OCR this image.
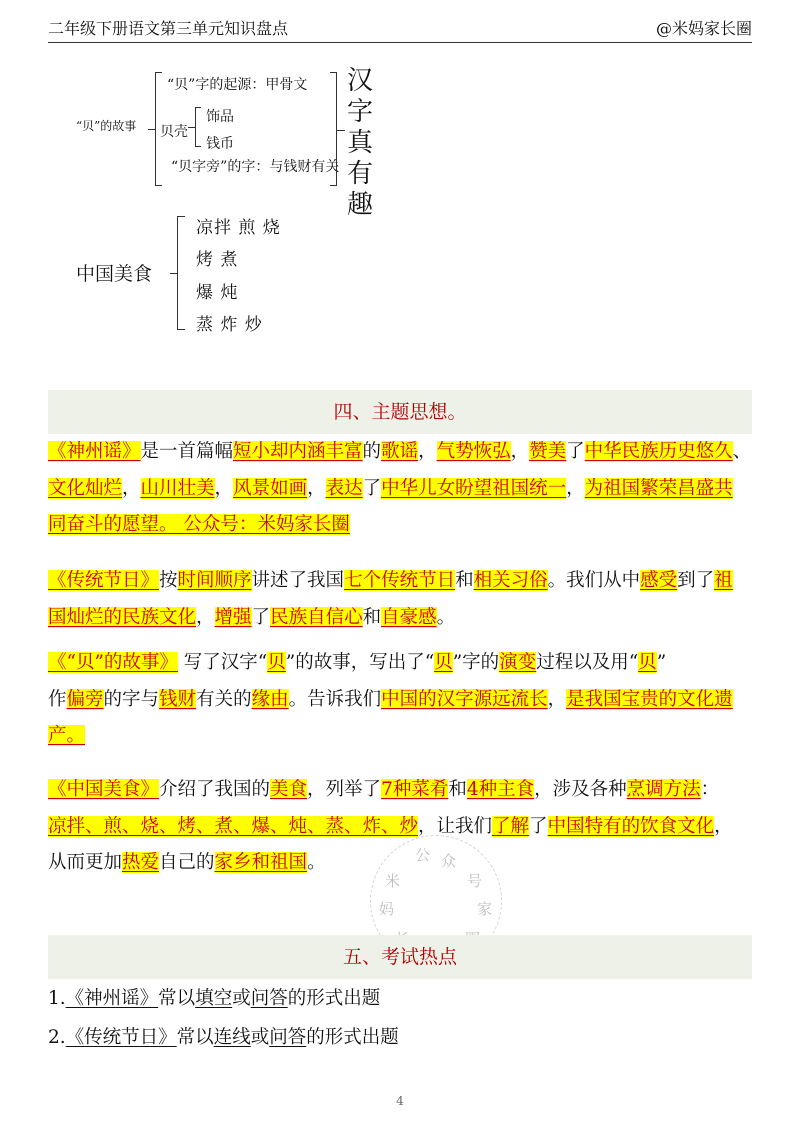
二年级下册语文第三单元知识盘点	@米妈家长圈
“贝”的故事
“贝”字的起源：甲骨文
贝壳
饰品
钱币
“贝字旁”的字：与钱财有关
汉
字
真
有
趣
中国美食
凉拌 煎 烧
烤 煮
爆 炖
蒸 炸 炒
四、主题思想。
《神州谣》是一首篇幅短小却内涵丰富的歌谣，气势恢弘，赞美了中华民族历史悠久、
文化灿烂，山川壮美，风景如画，表达了中华儿女盼望祖国统一，为祖国繁荣昌盛共
同奋斗的愿望。 公众号：米妈家长圈
《传统节日》按时间顺序讲述了我国七个传统节日和相关习俗。我们从中感受到了祖
国灿烂的民族文化，增强了民族自信心和自豪感。
《“贝”的故事》 写了汉字“贝”的故事，写出了“贝”字的演变过程以及用“贝”
作偏旁的字与钱财有关的缘由。告诉我们中国的汉字源远流长，是我国宝贵的文化遗
产。
《中国美食》介绍了我国的美食，列举了7种菜肴和4种主食，涉及各种烹调方法：
凉拌、煎、烧、烤、煮、爆、炖、蒸、炸、炒，让我们了解了中国特有的饮食文化，
从而更加热爱自己的家乡和祖国。	公 众
号
米
妈	家
五、考试热点
1.《神州谣》常以填空或问答的形式出题
2.《传统节日》常以连线或问答的形式出题
4
